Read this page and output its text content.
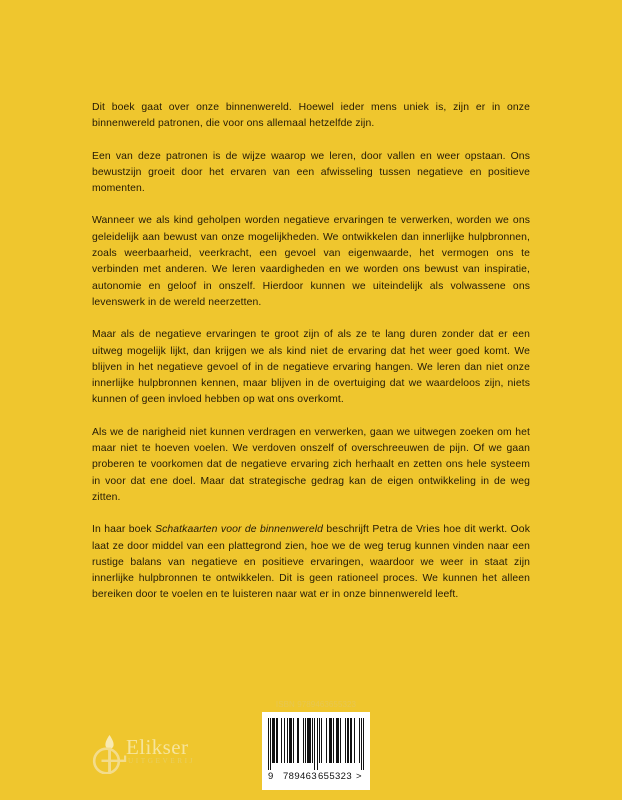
Dit boek gaat over onze binnenwereld. Hoewel ieder mens uniek is, zijn er in onze binnenwereld patronen, die voor ons allemaal hetzelfde zijn.

Een van deze patronen is de wijze waarop we leren, door vallen en weer opstaan. Ons bewustzijn groeit door het ervaren van een afwisseling tussen negatieve en positieve momenten.

Wanneer we als kind geholpen worden negatieve ervaringen te verwerken, worden we ons geleidelijk aan bewust van onze mogelijkheden. We ontwikkelen dan innerlijke hulpbronnen, zoals weerbaarheid, veerkracht, een gevoel van eigenwaarde, het vermogen ons te verbinden met anderen. We leren vaardigheden en we worden ons bewust van inspiratie, autonomie en geloof in onszelf. Hierdoor kunnen we uiteindelijk als volwassene ons levenswerk in de wereld neerzetten.

Maar als de negatieve ervaringen te groot zijn of als ze te lang duren zonder dat er een uitweg mogelijk lijkt, dan krijgen we als kind niet de ervaring dat het weer goed komt. We blijven in het negatieve gevoel of in de negatieve ervaring hangen. We leren dan niet onze innerlijke hulpbronnen kennen, maar blijven in de overtuiging dat we waardeloos zijn, niets kunnen of geen invloed hebben op wat ons overkomt.

Als we de narigheid niet kunnen verdragen en verwerken, gaan we uitwegen zoeken om het maar niet te hoeven voelen. We verdoven onszelf of overschreeuwen de pijn. Of we gaan proberen te voorkomen dat de negatieve ervaring zich herhaalt en zetten ons hele systeem in voor dat ene doel. Maar dat strategische gedrag kan de eigen ontwikkeling in de weg zitten.

In haar boek Schatkaarten voor de binnenwereld beschrijft Petra de Vries hoe dit werkt. Ook laat ze door middel van een plattegrond zien, hoe we de weg terug kunnen vinden naar een rustige balans van negatieve en positieve ervaringen, waardoor we weer in staat zijn innerlijke hulpbronnen te ontwikkelen. Dit is geen rationeel proces. We kunnen het alleen bereiken door te voelen en te luisteren naar wat er in onze binnenwereld leeft.

Elikser
UITGEVERIJ
ISBN 9789463655323
9 789463 655323 >
